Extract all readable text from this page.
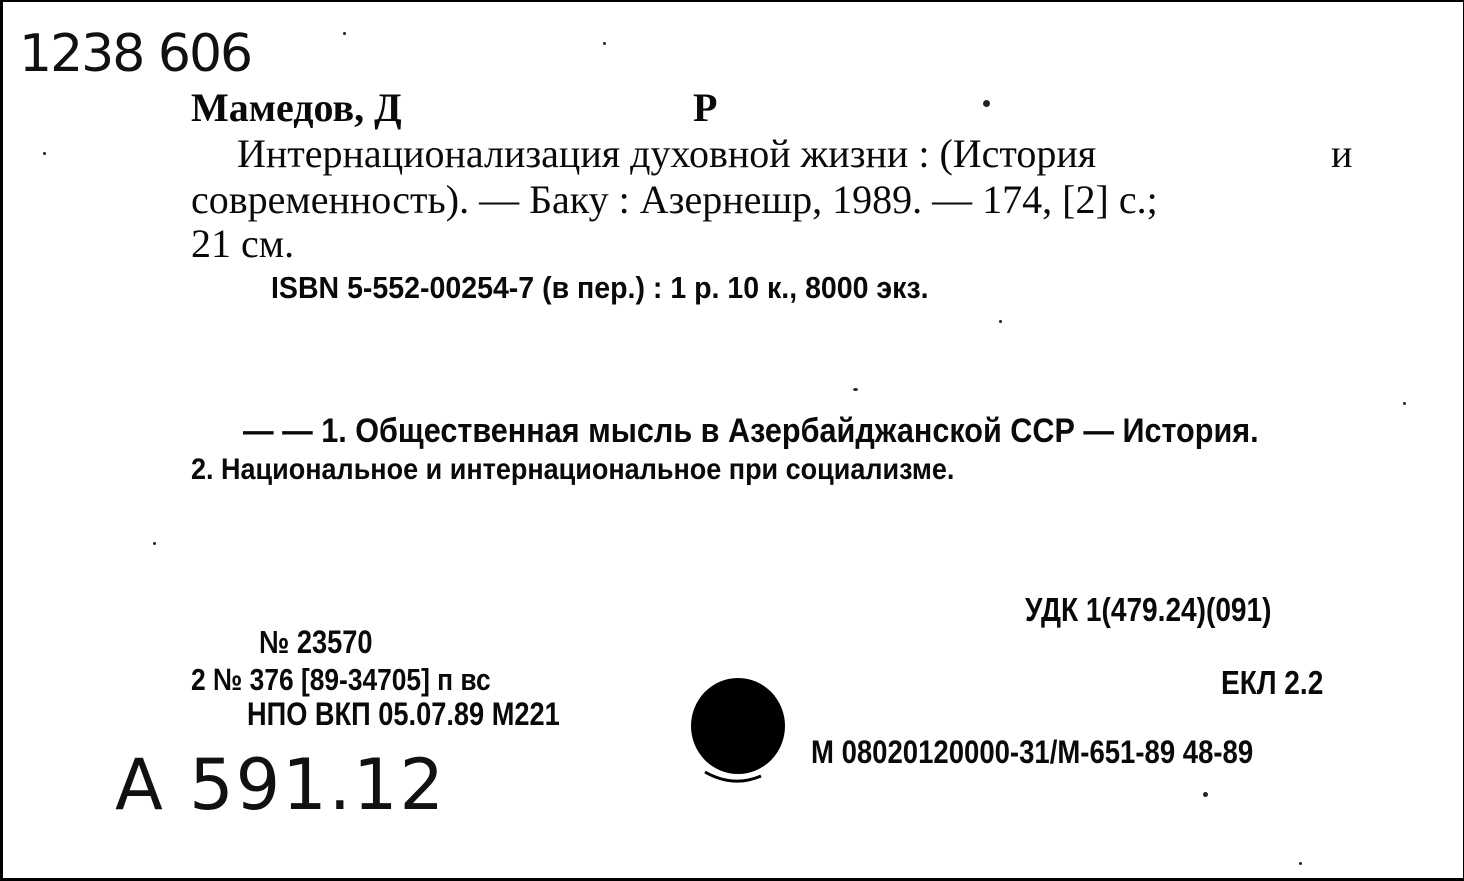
1238 606
Мамедов, Д	Р
Интернационализация духовной жизни : (История	и
современность). — Баку : Азернешр, 1989. — 174, [2] с.;
21 см.
ISBN 5-552-00254-7 (в пер.) : 1 р. 10 к., 8000 экз.
— — 1. Общественная мысль в Азербайджанской ССР — История.
2. Национальное и интернациональное при социализме.
УДК 1(479.24)(091)
ЕКЛ 2.2
№ 23570
2 № 376 [89-34705] п вс
НПО ВКП 05.07.89 М221
М 08020120000-31/М-651-89 48-89
А 591.12
